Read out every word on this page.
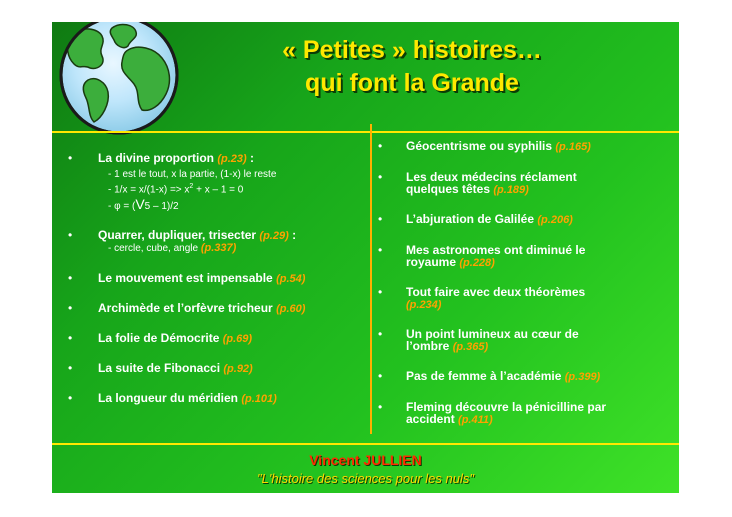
« Petites » histoires…
qui font la Grande
• La divine proportion (p.23) :
- 1 est le tout, x la partie, (1-x) le reste
- $1/x = x/(1-x) => x^2 + x - 1 = 0$
- φ = (V5 – 1)/2
• Quarrer, dupliquer, trisecter (p.29) :
- cercle, cube, angle (p.337)
• Le mouvement est impensable (p.54)
• Archimède et l’orfèvre tricheur (p.60)
• La folie de Démocrite (p.69)
• La suite de Fibonacci (p.92)
• La longueur du méridien (p.101)
• Géocentrisme ou syphilis (p.165)
• Les deux médecins réclament
quelques têtes (p.189)
• L’abjuration de Galilée (p.206)
• Mes astronomes ont diminué le
royaume (p.228)
• Tout faire avec deux théorèmes
(p.234)
• Un point lumineux au cœur de
l’ombre (p.365)
• Pas de femme à l’académie (p.399)
• Fleming découvre la pénicilline par
accident (p.411)
Vincent JULLIEN
"L'histoire des sciences pour les nuls"
